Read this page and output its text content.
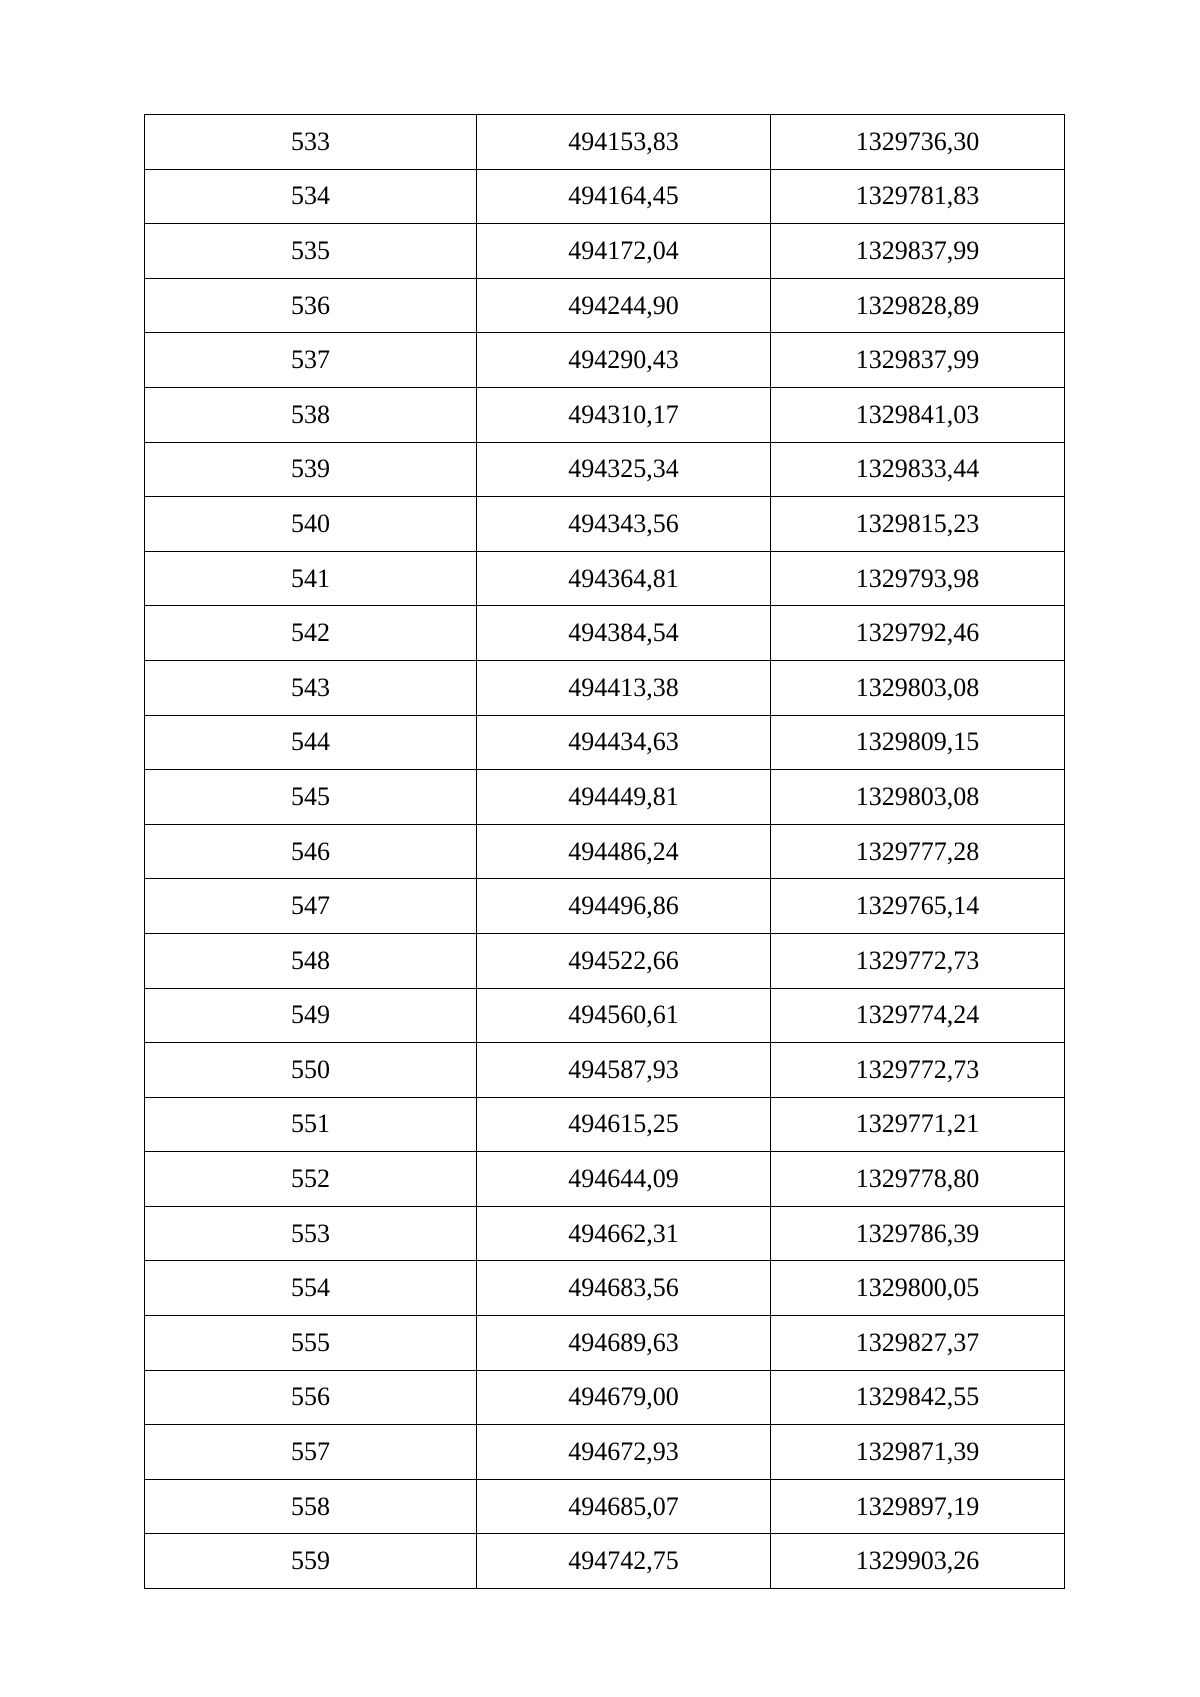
533	494153,83	1329736,30
534	494164,45	1329781,83
535	494172,04	1329837,99
536	494244,90	1329828,89
537	494290,43	1329837,99
538	494310,17	1329841,03
539	494325,34	1329833,44
540	494343,56	1329815,23
541	494364,81	1329793,98
542	494384,54	1329792,46
543	494413,38	1329803,08
544	494434,63	1329809,15
545	494449,81	1329803,08
546	494486,24	1329777,28
547	494496,86	1329765,14
548	494522,66	1329772,73
549	494560,61	1329774,24
550	494587,93	1329772,73
551	494615,25	1329771,21
552	494644,09	1329778,80
553	494662,31	1329786,39
554	494683,56	1329800,05
555	494689,63	1329827,37
556	494679,00	1329842,55
557	494672,93	1329871,39
558	494685,07	1329897,19
559	494742,75	1329903,26
